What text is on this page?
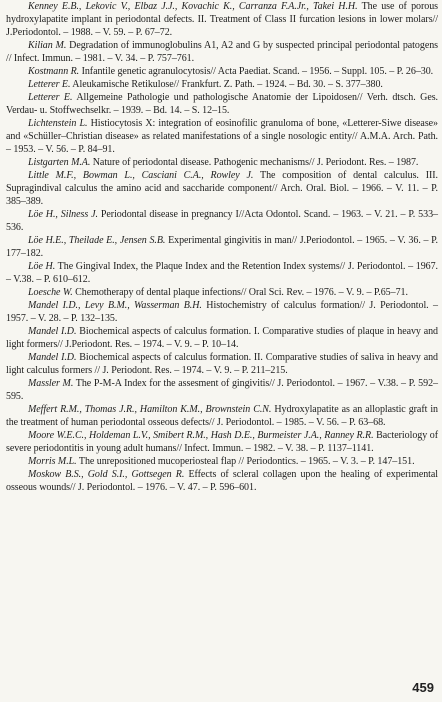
Kenney E.B., Lekovic V., Elbaz J.J., Kovachic K., Carranza F.A.Jr., Takei H.H. The use of porous hydroxylapatite implant in periodontal defects. II. Treatment of Class II furcation lesions in lower molars// J.Periodontol. – 1988. – V. 59. – P. 67–72.

Kilian M. Degradation of immunoglobulins A1, A2 and G by suspected principal periodontal patogens // Infect. Immun. – 1981. – V. 34. – P. 757–761.

Kostmann R. Infantile genetic agranulocytosis// Acta Paediat. Scand. – 1956. – Suppl. 105. – P. 26–30.

Letterer E. Aleukamische Retikulose// Frankfurt. Z. Path. – 1924. – Bd. 30. – S. 377–380.

Letterer E. Allgemeine Pathologie und pathologische Anatomie der Lipoidosen// Verh. dtsch. Ges. Verdau- u. Stoffwechselkr. – 1939. – Bd. 14. – S. 12–15.

Lichtenstein L. Histiocytosis X: integration of eosinofilic granuloma of bone, «Letterer-Siwe disease» and «Schüller–Christian disease» as related manifestations of a single nosologic entity// A.M.A. Arch. Path. – 1953. – V. 56. – P. 84–91.

Listgarten M.A. Nature of periodontal disease. Pathogenic mechanisms// J. Periodont. Res. – 1987.

Little M.F., Bowman L., Casciani C.A., Rowley J. The composition of dental calculus. III. Supragindival calculus the amino acid and saccharide component// Arch. Oral. Biol. – 1966. – V. 11. – P. 385–389.

Löe H., Silness J. Periodontal disease in pregnancy I//Acta Odontol. Scand. – 1963. – V. 21. – P. 533–536.

Löe H.E., Theilade E., Jensen S.B. Experimental gingivitis in man// J.Periodontol. – 1965. – V. 36. – P. 177–182.

Löe H. The Gingival Index, the Plaque Index and the Retention Index systems// J. Periodontol. – 1967. – V.38. – P. 610–612.

Loesche W. Chemotherapy of dental plaque infections// Oral Sci. Rev. – 1976. – V. 9. – P.65–71.

Mandel I.D., Levy B.M., Wasserman B.H. Histochemistry of calculus formation// J. Periodontol. – 1957. – V. 28. – P. 132–135.

Mandel I.D. Biochemical aspects of calculus formation. I. Comparative studies of plaque in heavy and light formers// J.Periodont. Res. – 1974. – V. 9. – P. 10–14.

Mandel I.D. Biochemical aspects of calculus formation. II. Comparative studies of saliva in heavy and light calculus formers // J. Periodont. Res. – 1974. – V. 9. – P. 211–215.

Massler M. The P-M-A Index for the assesment of gingivitis// J. Periodontol. – 1967. – V.38. – P. 592–595.

Meffert R.M., Thomas J.R., Hamilton K.M., Brownstein C.N. Hydroxylapatite as an alloplastic graft in the treatment of human periodontal osseous defects// J. Periodontol. – 1985. – V. 56. – P. 63–68.

Moore W.E.C., Holdeman L.V., Smibert R.M., Hash D.E., Burmeister J.A., Ranney R.R. Bacteriology of severe periodontitis in young adult humans// Infect. Immun. – 1982. – V. 38. – P. 1137–1141.

Morris M.L. The unrepositioned mucoperiosteal flap // Periodontics. – 1965. – V. 3. – P. 147–151.

Moskow B.S., Gold S.I., Gottsegen R. Effects of scleral collagen upon the healing of experimental osseous wounds// J. Periodontol. – 1976. – V. 47. – P. 596–601.

459
